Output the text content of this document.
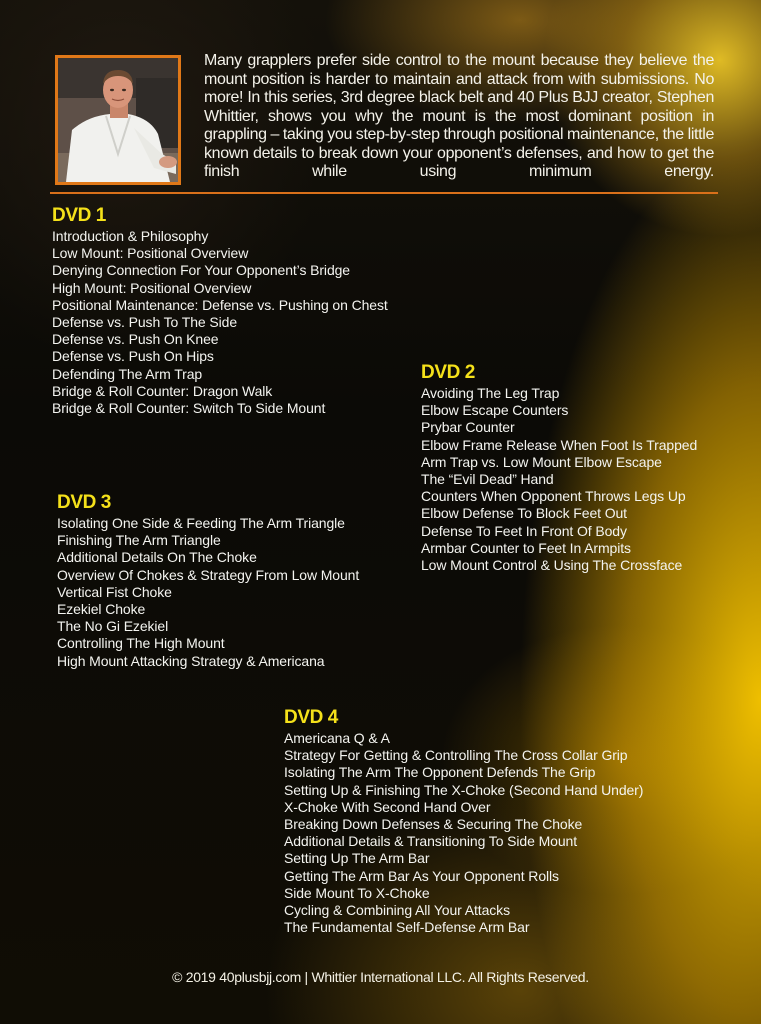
Many grapplers prefer side control to the mount because they believe the mount position is harder to maintain and attack from with submissions. No more! In this series, 3rd degree black belt and 40 Plus BJJ creator, Stephen Whittier, shows you why the mount is the most dominant position in grappling – taking you step-by-step through positional maintenance, the little known details to break down your opponent’s defenses, and how to get the finish while using minimum energy.

DVD 1
Introduction & Philosophy
Low Mount: Positional Overview
Denying Connection For Your Opponent’s Bridge
High Mount: Positional Overview
Positional Maintenance: Defense vs. Pushing on Chest
Defense vs. Push To The Side
Defense vs. Push On Knee
Defense vs. Push On Hips
Defending The Arm Trap
Bridge & Roll Counter: Dragon Walk
Bridge & Roll Counter: Switch To Side Mount
DVD 2
Avoiding The Leg Trap
Elbow Escape Counters
Prybar Counter
Elbow Frame Release When Foot Is Trapped
Arm Trap vs. Low Mount Elbow Escape
The “Evil Dead” Hand
Counters When Opponent Throws Legs Up
Elbow Defense To Block Feet Out
Defense To Feet In Front Of Body
Armbar Counter to Feet In Armpits
Low Mount Control & Using The Crossface
DVD 3
Isolating One Side & Feeding The Arm Triangle
Finishing The Arm Triangle
Additional Details On The Choke
Overview Of Chokes & Strategy From Low Mount
Vertical Fist Choke
Ezekiel Choke
The No Gi Ezekiel
Controlling The High Mount
High Mount Attacking Strategy & Americana
DVD 4
Americana Q & A
Strategy For Getting & Controlling The Cross Collar Grip
Isolating The Arm The Opponent Defends The Grip
Setting Up & Finishing The X-Choke (Second Hand Under)
X-Choke With Second Hand Over
Breaking Down Defenses & Securing The Choke
Additional Details & Transitioning To Side Mount
Setting Up The Arm Bar
Getting The Arm Bar As Your Opponent Rolls
Side Mount To X-Choke
Cycling & Combining All Your Attacks
The Fundamental Self-Defense Arm Bar
© 2019 40plusbjj.com | Whittier International LLC. All Rights Reserved.
